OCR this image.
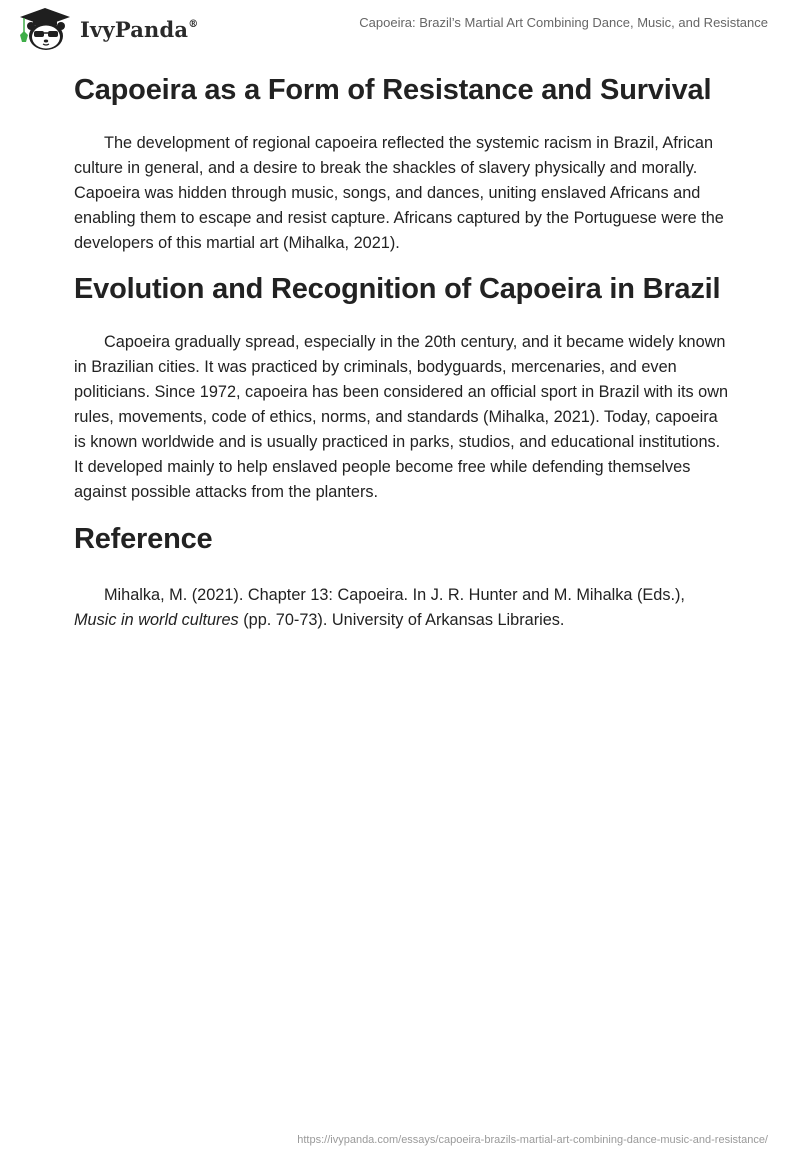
IvyPanda®	Capoeira: Brazil’s Martial Art Combining Dance, Music, and Resistance
Capoeira as a Form of Resistance and Survival

The development of regional capoeira reflected the systemic racism in Brazil, African culture in general, and a desire to break the shackles of slavery physically and morally. Capoeira was hidden through music, songs, and dances, uniting enslaved Africans and enabling them to escape and resist capture. Africans captured by the Portuguese were the developers of this martial art (Mihalka, 2021).

Evolution and Recognition of Capoeira in Brazil

Capoeira gradually spread, especially in the 20th century, and it became widely known in Brazilian cities. It was practiced by criminals, bodyguards, mercenaries, and even politicians. Since 1972, capoeira has been considered an official sport in Brazil with its own rules, movements, code of ethics, norms, and standards (Mihalka, 2021). Today, capoeira is known worldwide and is usually practiced in parks, studios, and educational institutions. It developed mainly to help enslaved people become free while defending themselves against possible attacks from the planters.

Reference

Mihalka, M. (2021). Chapter 13: Capoeira. In J. R. Hunter and M. Mihalka (Eds.), Music in world cultures (pp. 70-73). University of Arkansas Libraries.

https://ivypanda.com/essays/capoeira-brazils-martial-art-combining-dance-music-and-resistance/
